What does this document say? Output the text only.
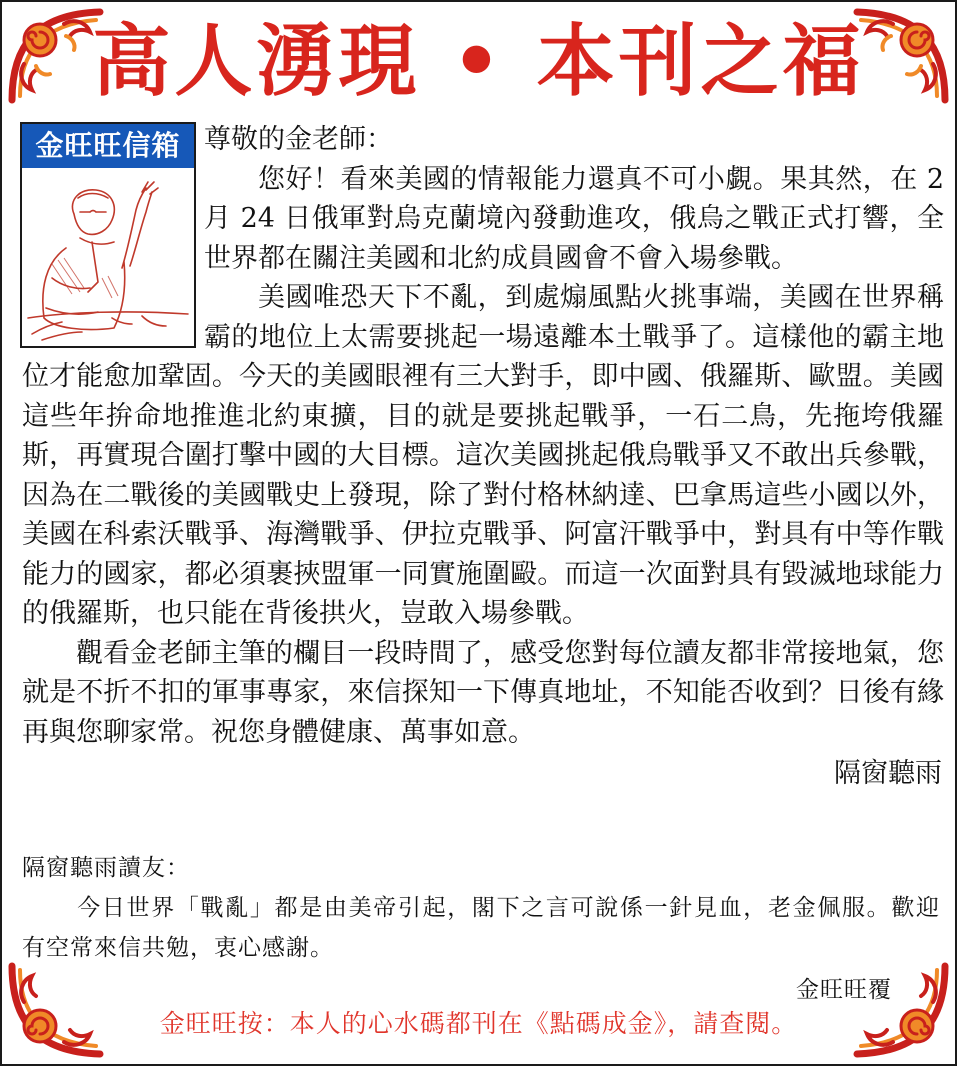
高人湧現 • 本刊之福
金旺旺信箱 尊敬的金老師：

您好！看來美國的情報能力還真不可小覷。果其然，在 2 月 24 日俄軍對烏克蘭境內發動進攻，俄烏之戰正式打響，全世界都在關注美國和北約成員國會不會入場參戰。

美國唯恐天下不亂，到處煽風點火挑事端，美國在世界稱霸的地位上太需要挑起一場遠離本土戰爭了。這樣他的霸主地位才能愈加鞏固。今天的美國眼裡有三大對手，即中國、俄羅斯、歐盟。美國這些年拚命地推進北約東擴，目的就是要挑起戰爭，一石二鳥，先拖垮俄羅斯，再實現合圍打擊中國的大目標。這次美國挑起俄烏戰爭又不敢出兵參戰，因為在二戰後的美國戰史上發現，除了對付格林納達、巴拿馬這些小國以外，美國在科索沃戰爭、海灣戰爭、伊拉克戰爭、阿富汗戰爭中，對具有中等作戰能力的國家，都必須裹挾盟軍一同實施圍毆。而這一次面對具有毀滅地球能力的俄羅斯，也只能在背後拱火，豈敢入場參戰。

觀看金老師主筆的欄目一段時間了，感受您對每位讀友都非常接地氣，您就是不折不扣的軍事專家，來信探知一下傳真地址，不知能否收到？日後有緣再與您聊家常。祝您身體健康、萬事如意。

隔窗聽雨

隔窗聽雨讀友：

今日世界「戰亂」都是由美帝引起，閣下之言可說係一針見血，老金佩服。歡迎有空常來信共勉，衷心感謝。

金旺旺覆

金旺旺按：本人的心水碼都刊在《點碼成金》，請查閱。
